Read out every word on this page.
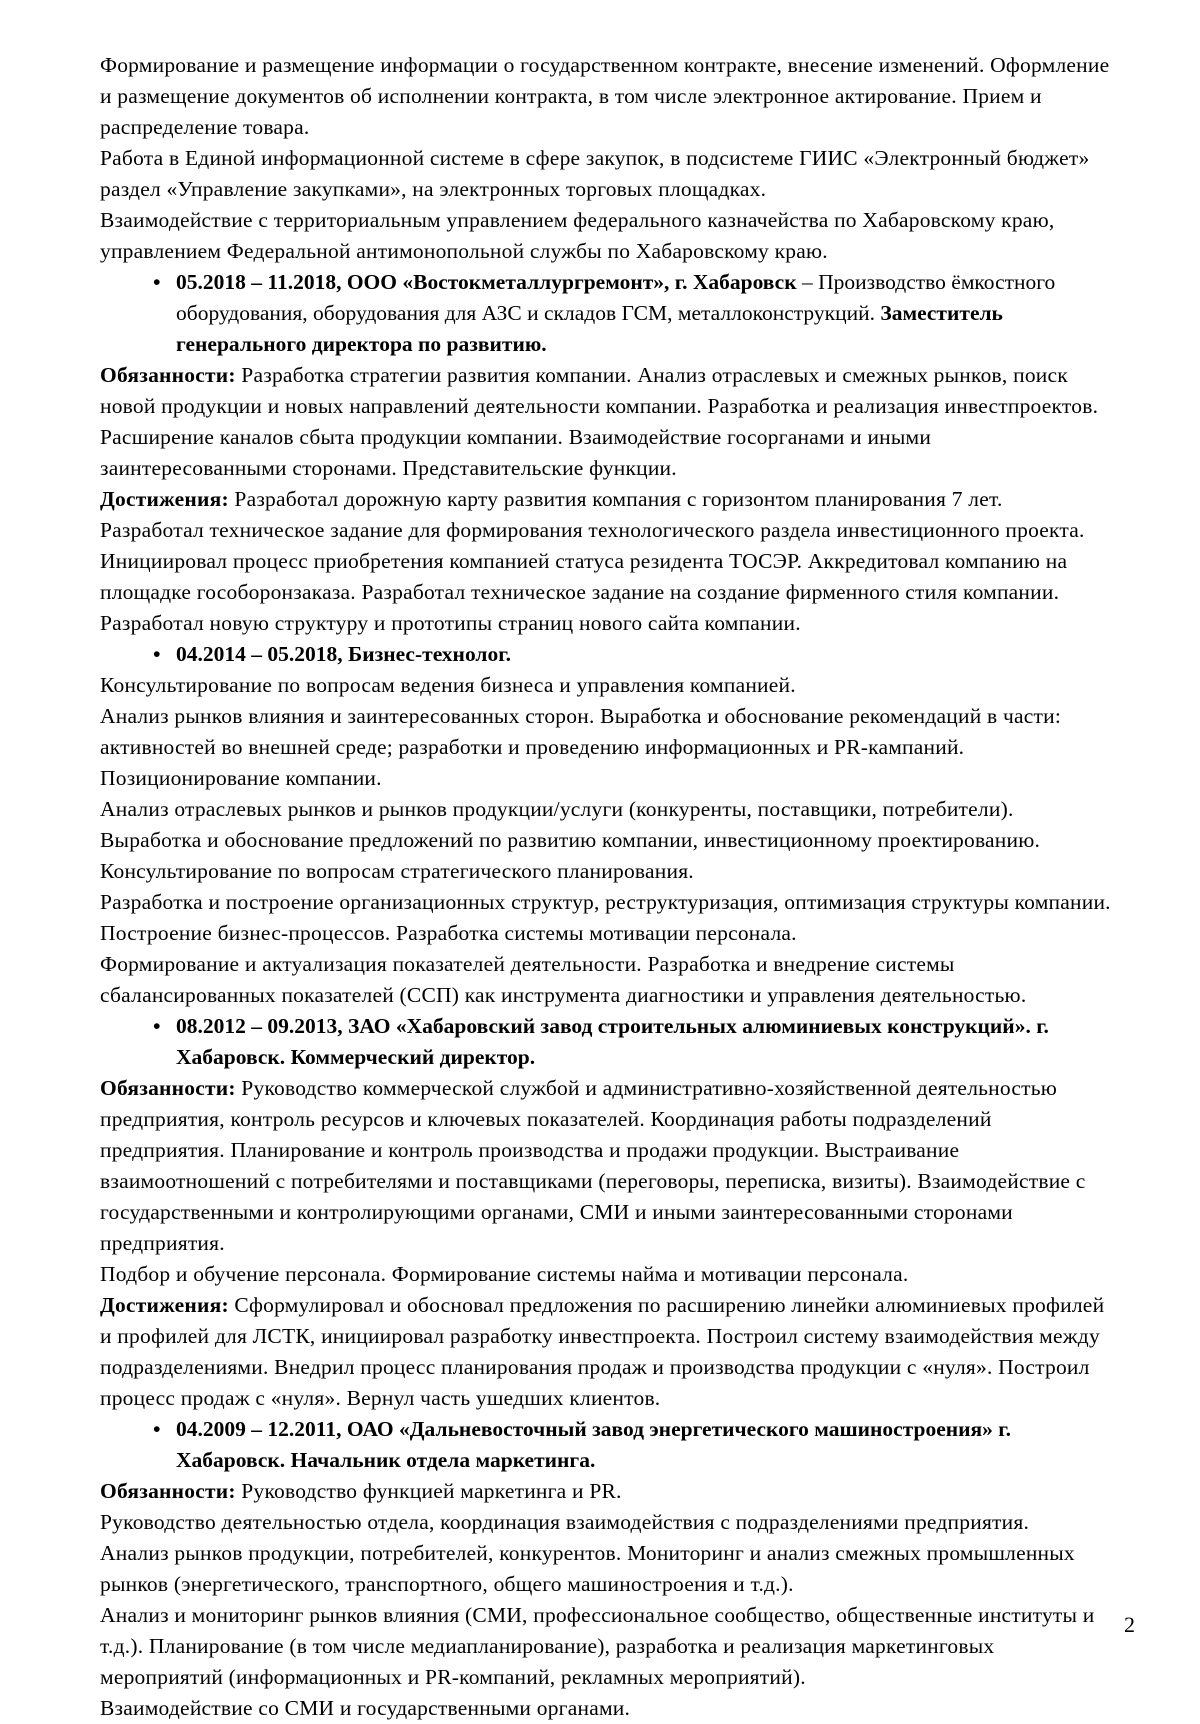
Формирование и размещение информации о государственном контракте, внесение изменений. Оформление и размещение документов об исполнении контракта, в том числе электронное актирование. Прием и распределение товара.

Работа в Единой информационной системе в сфере закупок, в подсистеме ГИИС «Электронный бюджет» раздел «Управление закупками», на электронных торговых площадках.

Взаимодействие с территориальным управлением федерального казначейства по Хабаровскому краю, управлением Федеральной антимонопольной службы по Хабаровскому краю.

• 05.2018 – 11.2018, ООО «Востокметаллургремонт», г. Хабаровск – Производство ёмкостного оборудования, оборудования для АЗС и складов ГСМ, металлоконструкций. Заместитель генерального директора по развитию.

Обязанности: Разработка стратегии развития компании. Анализ отраслевых и смежных рынков, поиск новой продукции и новых направлений деятельности компании. Разработка и реализация инвестпроектов. Расширение каналов сбыта продукции компании. Взаимодействие госорганами и иными заинтересованными сторонами. Представительские функции.

Достижения: Разработал дорожную карту развития компания с горизонтом планирования 7 лет. Разработал техническое задание для формирования технологического раздела инвестиционного проекта. Инициировал процесс приобретения компанией статуса резидента ТОСЭР. Аккредитовал компанию на площадке гособоронзаказа. Разработал техническое задание на создание фирменного стиля компании. Разработал новую структуру и прототипы страниц нового сайта компании.

• 04.2014 – 05.2018, Бизнес-технолог.

Консультирование по вопросам ведения бизнеса и управления компанией.

Анализ рынков влияния и заинтересованных сторон. Выработка и обоснование рекомендаций в части: активностей во внешней среде; разработки и проведению информационных и PR-кампаний. Позиционирование компании.

Анализ отраслевых рынков и рынков продукции/услуги (конкуренты, поставщики, потребители). Выработка и обоснование предложений по развитию компании, инвестиционному проектированию. Консультирование по вопросам стратегического планирования.

Разработка и построение организационных структур, реструктуризация, оптимизация структуры компании. Построение бизнес-процессов. Разработка системы мотивации персонала.

Формирование и актуализация показателей деятельности. Разработка и внедрение системы сбалансированных показателей (ССП) как инструмента диагностики и управления деятельностью.

• 08.2012 – 09.2013, ЗАО «Хабаровский завод строительных алюминиевых конструкций». г. Хабаровск. Коммерческий директор.

Обязанности: Руководство коммерческой службой и административно-хозяйственной деятельностью предприятия, контроль ресурсов и ключевых показателей. Координация работы подразделений предприятия. Планирование и контроль производства и продажи продукции. Выстраивание взаимоотношений с потребителями и поставщиками (переговоры, переписка, визиты). Взаимодействие с государственными и контролирующими органами, СМИ и иными заинтересованными сторонами предприятия.

Подбор и обучение персонала. Формирование системы найма и мотивации персонала.

Достижения: Сформулировал и обосновал предложения по расширению линейки алюминиевых профилей и профилей для ЛСТК, инициировал разработку инвестпроекта. Построил систему взаимодействия между подразделениями. Внедрил процесс планирования продаж и производства продукции с «нуля». Построил процесс продаж с «нуля». Вернул часть ушедших клиентов.

• 04.2009 – 12.2011, ОАО «Дальневосточный завод энергетического машиностроения» г. Хабаровск. Начальник отдела маркетинга.

Обязанности: Руководство функцией маркетинга и PR.

Руководство деятельностью отдела, координация взаимодействия с подразделениями предприятия.

Анализ рынков продукции, потребителей, конкурентов. Мониторинг и анализ смежных промышленных рынков (энергетического, транспортного, общего машиностроения и т.д.).

Анализ и мониторинг рынков влияния (СМИ, профессиональное сообщество, общественные институты и т.д.). Планирование (в том числе медиапланирование), разработка и реализация маркетинговых мероприятий (информационных и PR-компаний, рекламных мероприятий).

Взаимодействие со СМИ и государственными органами.

2
